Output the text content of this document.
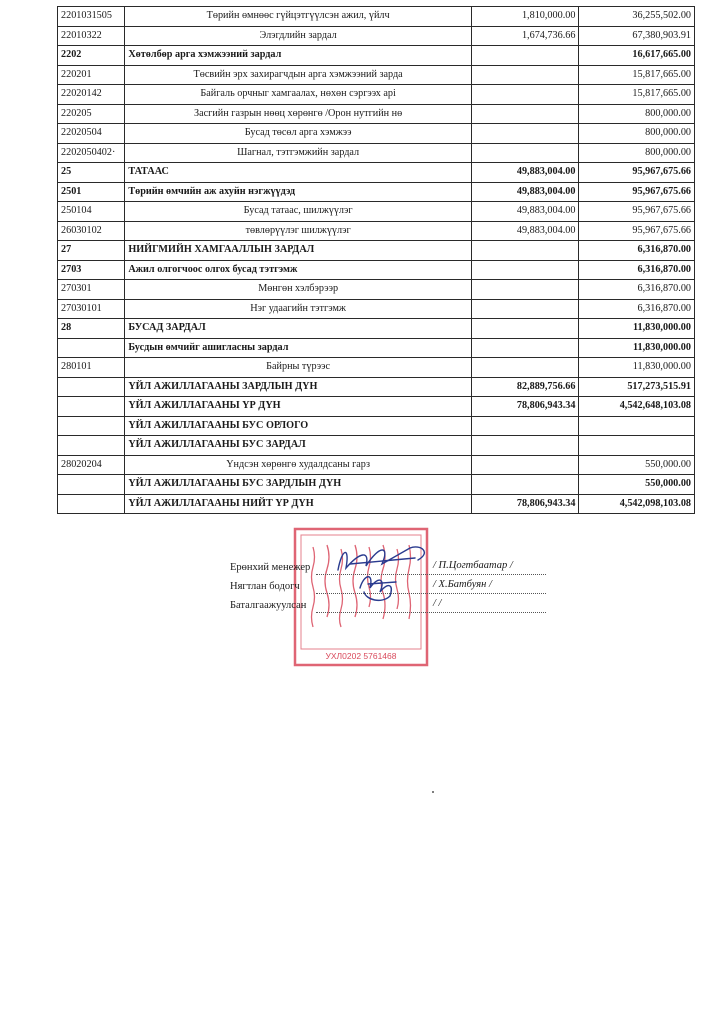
2201031505	Төрийн өмнөөс гүйцэтгүүлсэн ажил, үйлч	1,810,000.00	36,255,502.00
22010322	Элэгдлийн зардал	1,674,736.66	67,380,903.91
2202	Хөтөлбөр арга хэмжээний зардал		16,617,665.00
220201	Төсвийн эрх захирагчдын арга хэмжээний зарда		15,817,665.00
22020142	Байгаль орчныг хамгаалах, нөхөн сэргээх арі		15,817,665.00
220205	Засгийн газрын нөөц хөрөнгө /Орон нутгийн нө		800,000.00
22020504	Бусад төсөл арга хэмжээ		800,000.00
2202050402·	Шагнал, тэтгэмжийн зардал		800,000.00
25	ТАТААС	49,883,004.00	95,967,675.66
2501	Төрийн өмчийн аж ахуйн нэгжүүдэд	49,883,004.00	95,967,675.66
250104	Бусад татаас, шилжүүлэг	49,883,004.00	95,967,675.66
26030102	төвлөрүүлэг шилжүүлэг	49,883,004.00	95,967,675.66
27	НИЙГМИЙН ХАМГААЛЛЫН ЗАРДАЛ		6,316,870.00
2703	Ажил олгогчоос олгох бусад тэтгэмж		6,316,870.00
270301	Мөнгөн хэлбэрээр		6,316,870.00
27030101	Нэг удаагийн тэтгэмж		6,316,870.00
28	БУСАД ЗАРДАЛ		11,830,000.00
	Бусдын өмчийг ашигласны зардал		11,830,000.00
280101	Байрны түрээс		11,830,000.00
	ҮЙЛ АЖИЛЛАГААНЫ ЗАРДЛЫН ДҮН	82,889,756.66	517,273,515.91
	ҮЙЛ АЖИЛЛАГААНЫ ҮР ДҮН	78,806,943.34	4,542,648,103.08
	ҮЙЛ АЖИЛЛАГААНЫ БУС ОРЛОГО		
	ҮЙЛ АЖИЛЛАГААНЫ БУС ЗАРДАЛ		
28020204	Үндсэн хөрөнгө худалдсаны гарз		550,000.00
	ҮЙЛ АЖИЛЛАГААНЫ БУС ЗАРДЛЫН ДҮН		550,000.00
	ҮЙЛ АЖИЛЛАГААНЫ НИЙТ ҮР ДҮН	78,806,943.34	4,542,098,103.08
УХЛ0202 5761468
Ерөнхий менежер	/ П.Цогтбаатар /
Нягтлан бодогч	/ Х.Батбуян /
Баталгаажуулсан	/ /
